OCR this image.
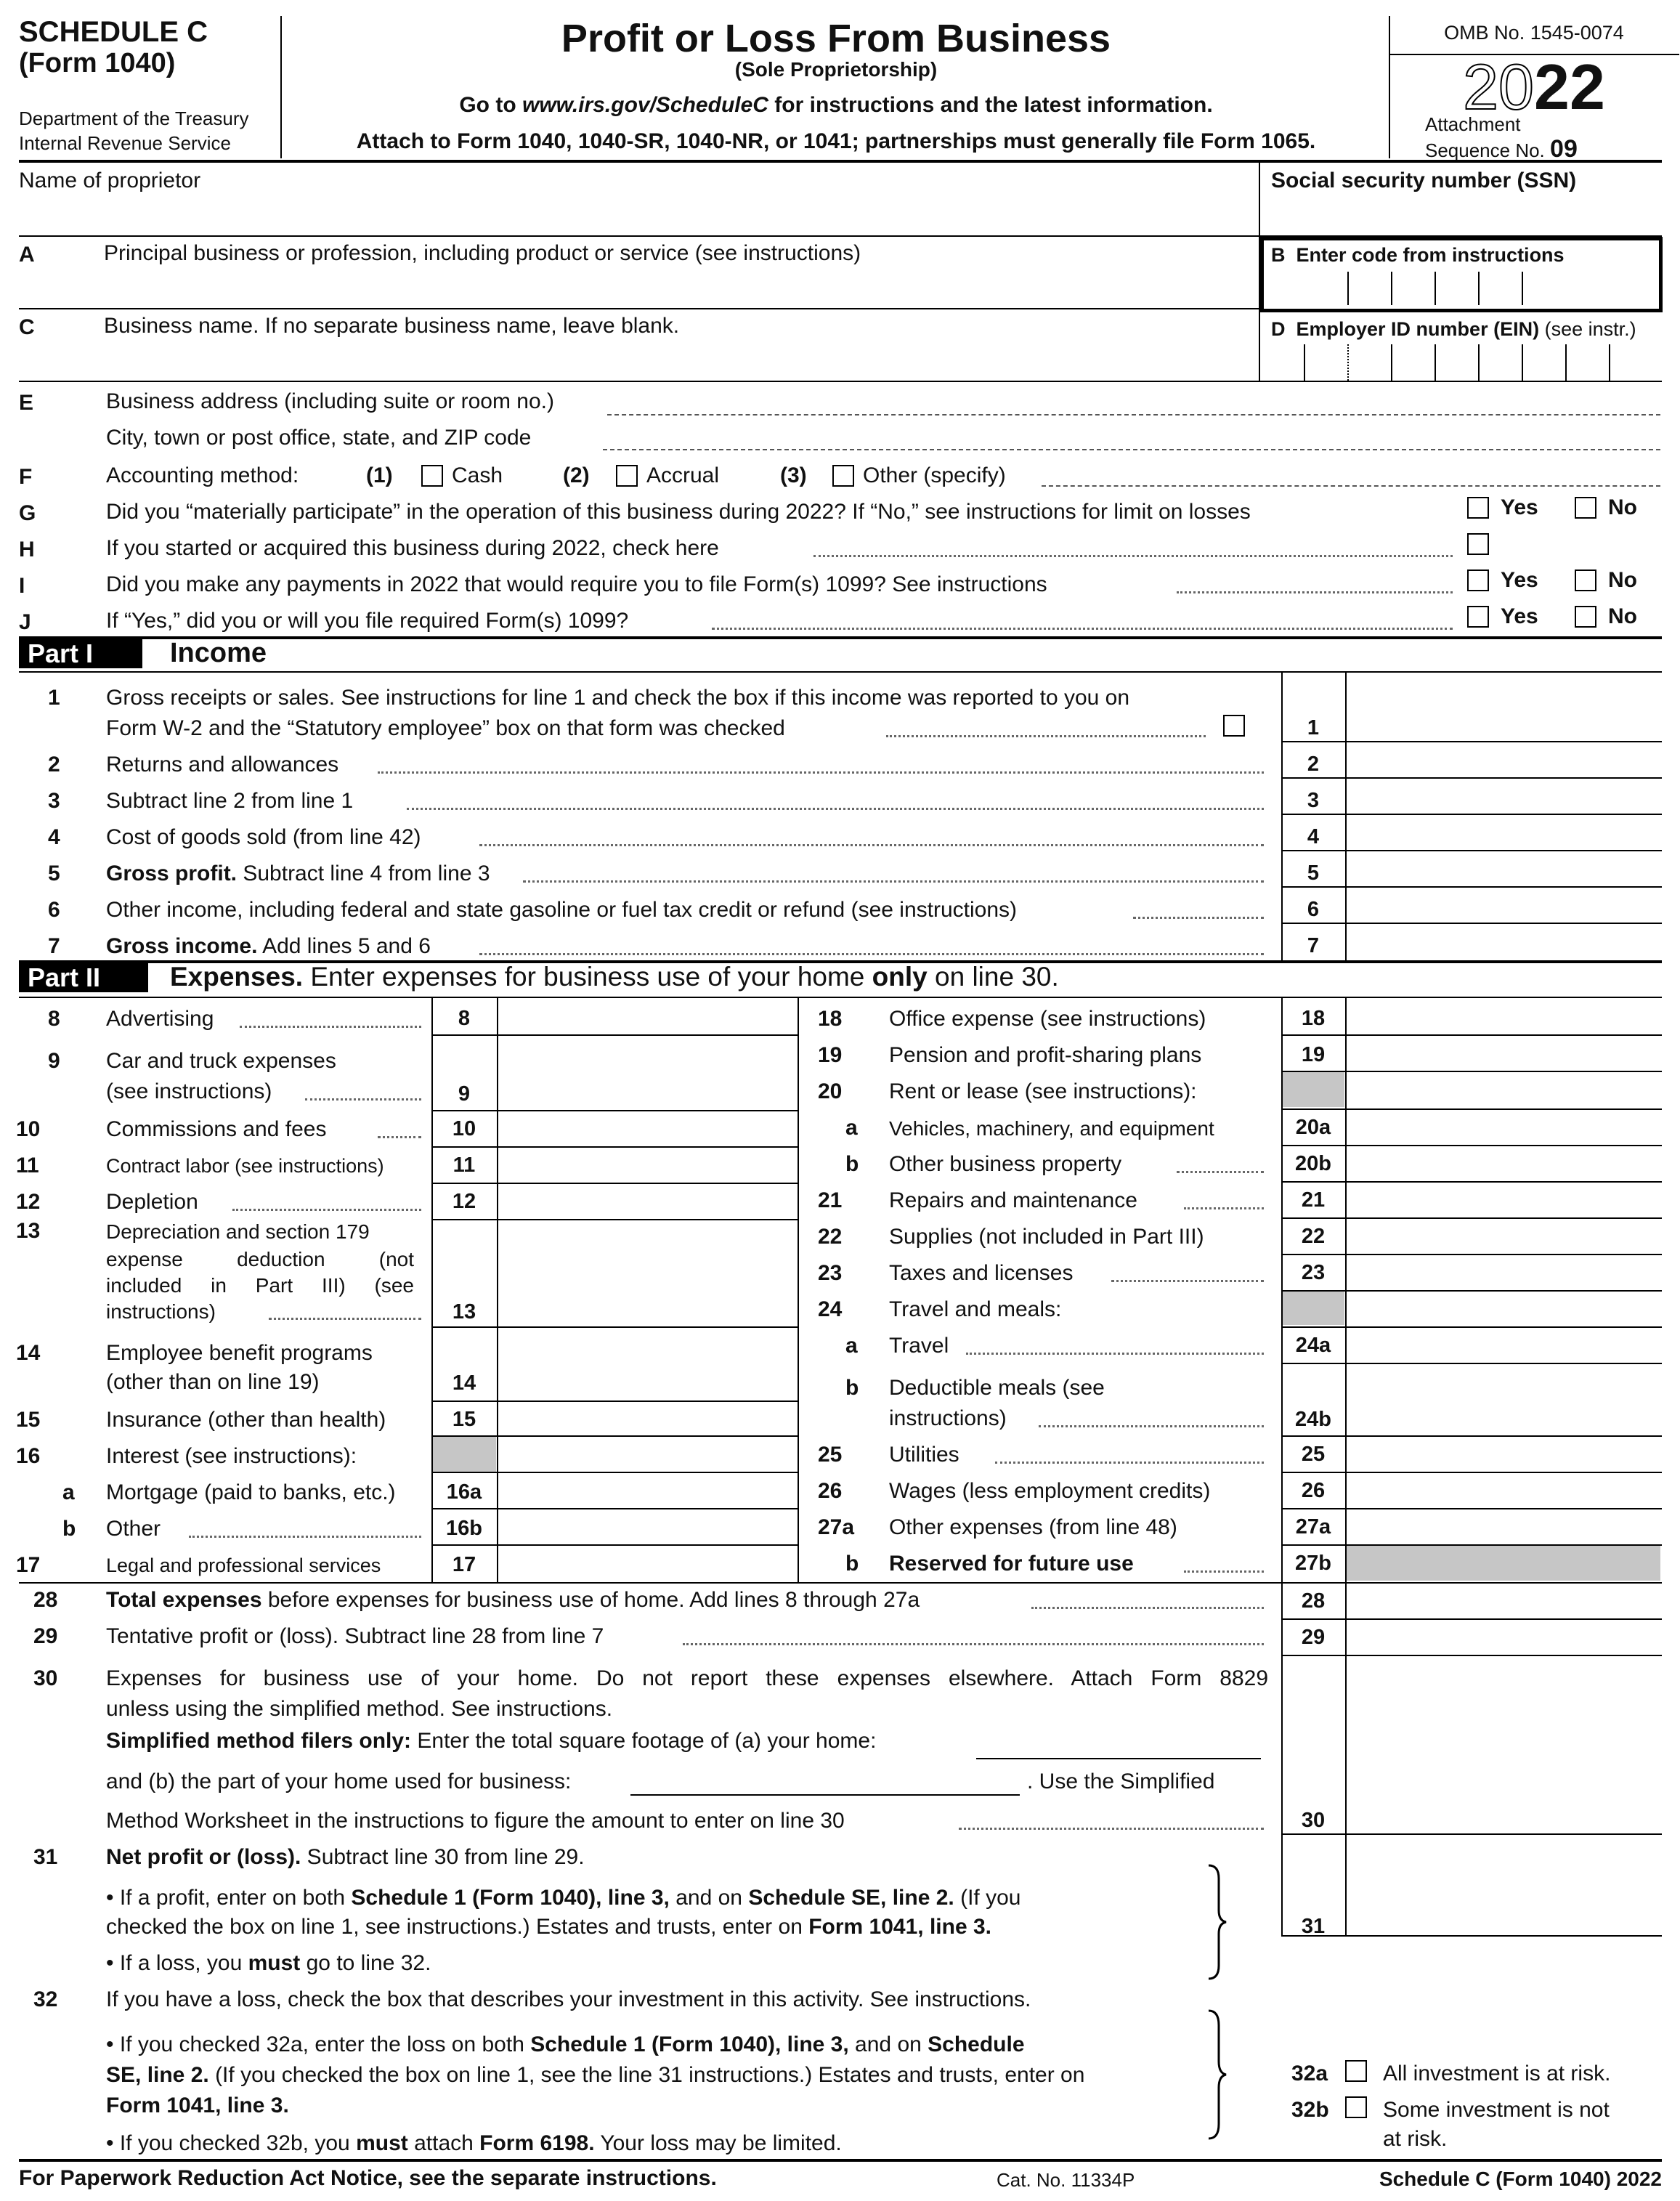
SCHEDULE C
(Form 1040)
Department of the Treasury
Internal Revenue Service
Profit or Loss From Business
(Sole Proprietorship)
Go to www.irs.gov/ScheduleC for instructions and the latest information.
Attach to Form 1040, 1040-SR, 1040-NR, or 1041; partnerships must generally file Form 1065.
OMB No. 1545-0074
2022
Attachment
Sequence No. 09
Name of proprietor	Social security number (SSN)
A	Principal business or profession, including product or service (see instructions)	B Enter code from instructions
C	Business name. If no separate business name, leave blank.	D Employer ID number (EIN) (see instr.)
E	Business address (including suite or room no.)
City, town or post office, state, and ZIP code
F	Accounting method:	(1)	Cash	(2)	Accrual	(3)	Other (specify)
G	Did you “materially participate” in the operation of this business during 2022? If “No,” see instructions for limit on losses	Yes	No
H	If you started or acquired this business during 2022, check here
I	Did you make any payments in 2022 that would require you to file Form(s) 1099? See instructions	Yes	No
J	If “Yes,” did you or will you file required Form(s) 1099?	Yes	No
Part I	Income
1 Gross receipts or sales. See instructions for line 1 and check the box if this income was reported to you on
Form W-2 and the “Statutory employee” box on that form was checked	1
2 Returns and allowances	2
3 Subtract line 2 from line 1	3
4 Cost of goods sold (from line 42)	4
5 Gross profit. Subtract line 4 from line 3	5
6 Other income, including federal and state gasoline or fuel tax credit or refund (see instructions)	6
7 Gross income. Add lines 5 and 6	7
Part II	Expenses. Enter expenses for business use of your home only on line 30.
8 Advertising	8
9 Car and truck expenses
(see instructions)	9
10	Commissions and fees	10
11	Contract labor (see instructions)	11
12	Depletion	12
13	Depreciation and section 179
expense deduction (not
included in Part III) (see
instructions)	13
14	Employee benefit programs
(other than on line 19)	14
15	Insurance (other than health)	15
16	Interest (see instructions):
a Mortgage (paid to banks, etc.)	16a
b Other	16b
17	Legal and professional services	17
18 Office expense (see instructions)	18
19 Pension and profit-sharing plans	19
20 Rent or lease (see instructions):
a Vehicles, machinery, and equipment	20a
b Other business property	20b
21 Repairs and maintenance	21
22 Supplies (not included in Part III)	22
23 Taxes and licenses	23
24 Travel and meals:
a Travel	24a
b Deductible meals (see
instructions)	24b
25 Utilities	25
26 Wages (less employment credits)	26
27a Other expenses (from line 48)	27a
b Reserved for future use	27b
28 Total expenses before expenses for business use of home. Add lines 8 through 27a	28
29 Tentative profit or (loss). Subtract line 28 from line 7	29
30 Expenses for business use of your home. Do not report these expenses elsewhere. Attach Form 8829
unless using the simplified method. See instructions.
Simplified method filers only: Enter the total square footage of (a) your home:
and (b) the part of your home used for business:	. Use the Simplified
Method Worksheet in the instructions to figure the amount to enter on line 30	30
31 Net profit or (loss). Subtract line 30 from line 29.
• If a profit, enter on both Schedule 1 (Form 1040), line 3, and on Schedule SE, line 2. (If you
checked the box on line 1, see instructions.) Estates and trusts, enter on Form 1041, line 3.
• If a loss, you must go to line 32.
31
32 If you have a loss, check the box that describes your investment in this activity. See instructions.
• If you checked 32a, enter the loss on both Schedule 1 (Form 1040), line 3, and on Schedule
SE, line 2. (If you checked the box on line 1, see the line 31 instructions.) Estates and trusts, enter on
Form 1041, line 3.
• If you checked 32b, you must attach Form 6198. Your loss may be limited.
32a	All investment is at risk.
32b Some investment is not
at risk.
For Paperwork Reduction Act Notice, see the separate instructions.	Cat. No. 11334P	Schedule C (Form 1040) 2022
